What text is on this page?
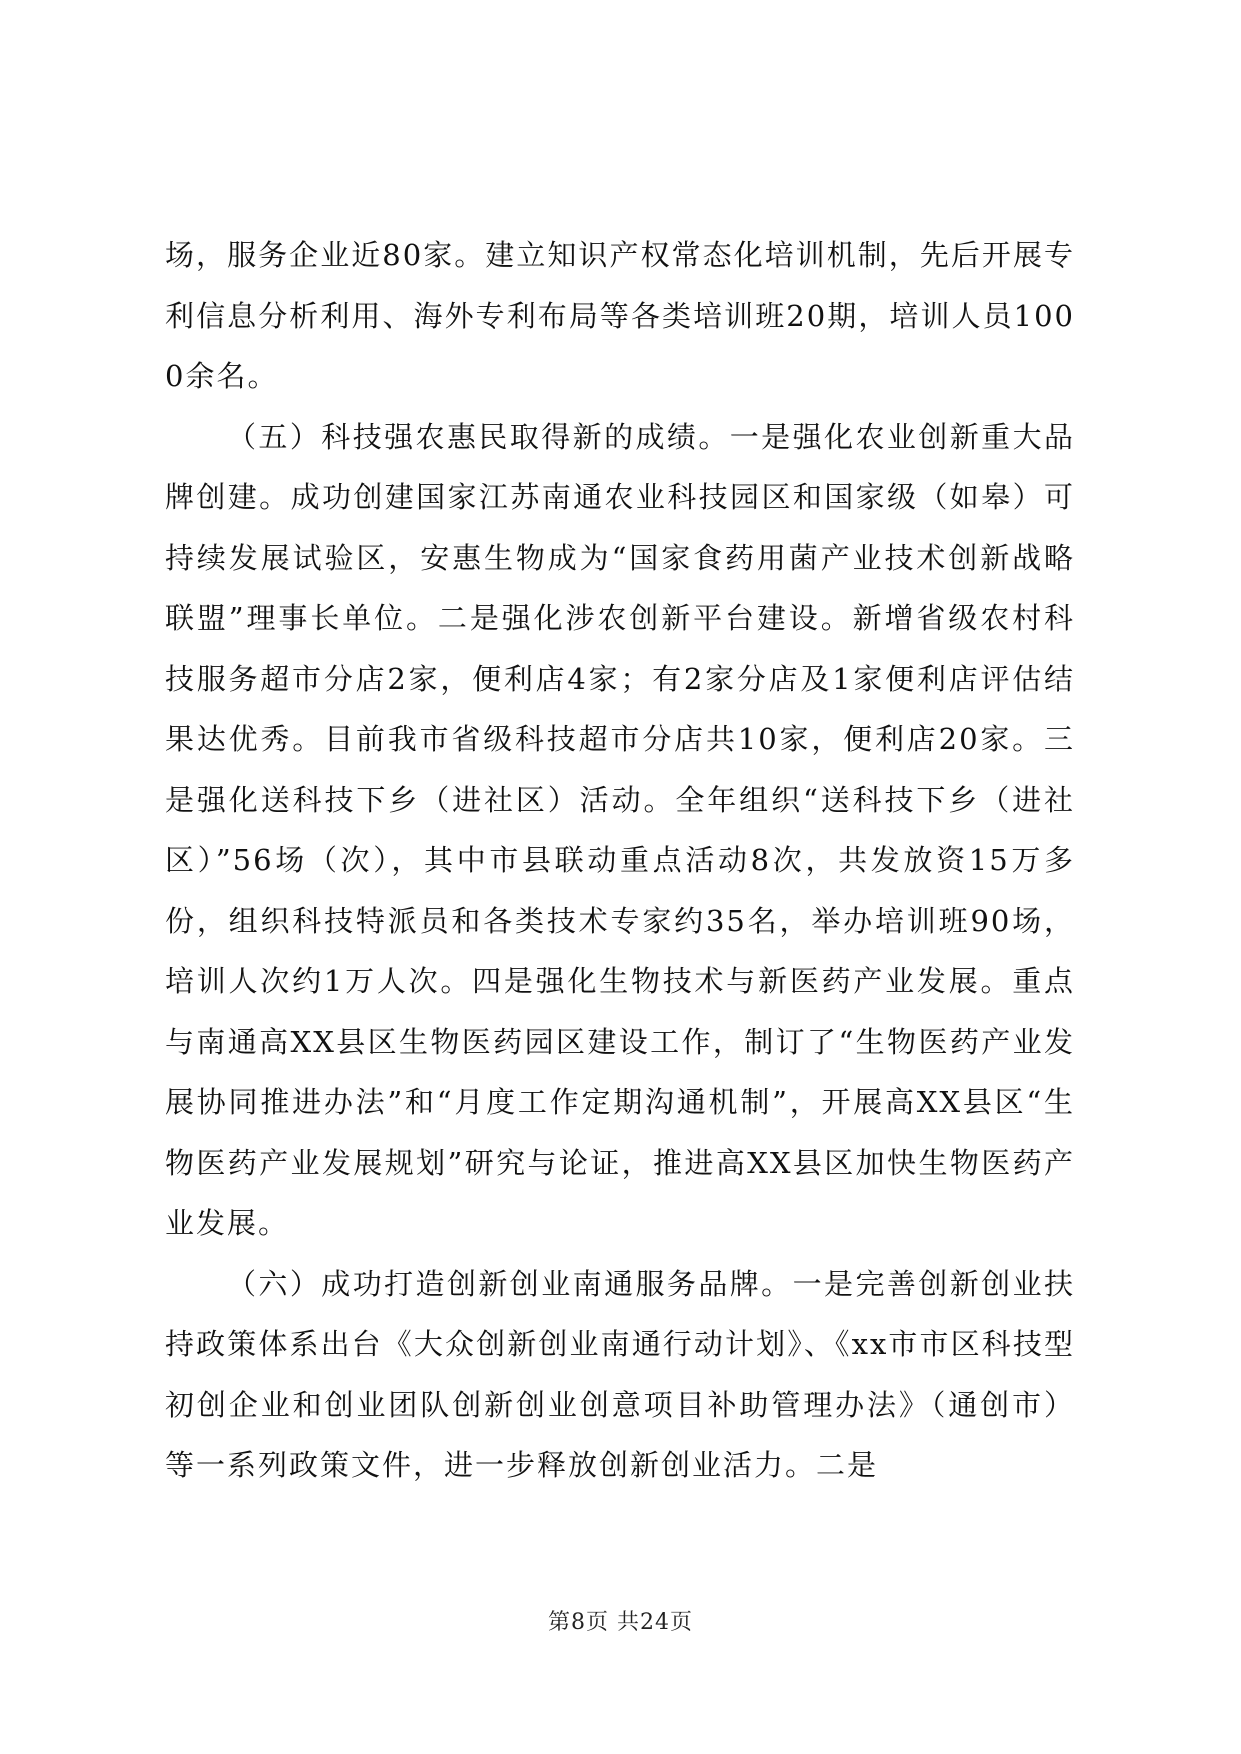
场，服务企业近80家。建立知识产权常态化培训机制，先后开展专利信息分析利用、海外专利布局等各类培训班20期，培训人员1000余名。

（五）科技强农惠民取得新的成绩。一是强化农业创新重大品牌创建。成功创建国家江苏南通农业科技园区和国家级（如皋）可持续发展试验区，安惠生物成为“国家食药用菌产业技术创新战略联盟”理事长单位。二是强化涉农创新平台建设。新增省级农村科技服务超市分店2家，便利店4家；有2家分店及1家便利店评估结果达优秀。目前我市省级科技超市分店共10家，便利店20家。三是强化送科技下乡（进社区）活动。全年组织“送科技下乡（进社区）”56场（次），其中市县联动重点活动8次，共发放资15万多份，组织科技特派员和各类技术专家约35名，举办培训班90场，培训人次约1万人次。四是强化生物技术与新医药产业发展。重点与南通高XX县区生物医药园区建设工作，制订了“生物医药产业发展协同推进办法”和“月度工作定期沟通机制”，开展高XX县区“生物医药产业发展规划”研究与论证，推进高XX县区加快生物医药产业发展。

（六）成功打造创新创业南通服务品牌。一是完善创新创业扶持政策体系出台《大众创新创业南通行动计划》、《xx市市区科技型初创企业和创业团队创新创业创意项目补助管理办法》（通创市）等一系列政策文件，进一步释放创新创业活力。二是

第8页 共24页
